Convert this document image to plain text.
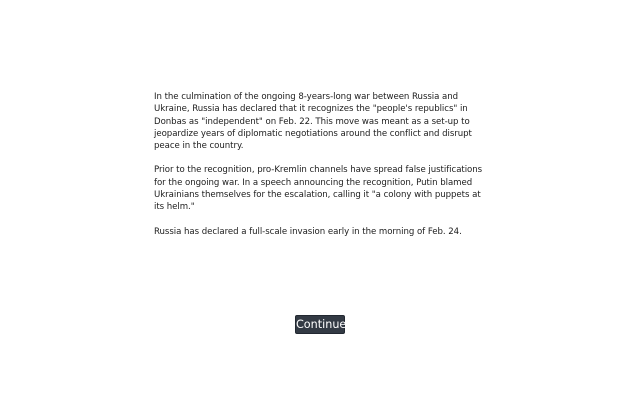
In the culmination of the ongoing 8-years-long war between Russia and Ukraine, Russia has declared that it recognizes the "people's republics" in Donbas as "independent" on Feb. 22. This move was meant as a set-up to jeopardize years of diplomatic negotiations around the conflict and disrupt peace in the country.

Prior to the recognition, pro-Kremlin channels have spread false justifications for the ongoing war. In a speech announcing the recognition, Putin blamed Ukrainians themselves for the escalation, calling it "a colony with puppets at its helm."

Russia has declared a full-scale invasion early in the morning of Feb. 24.

Continue
